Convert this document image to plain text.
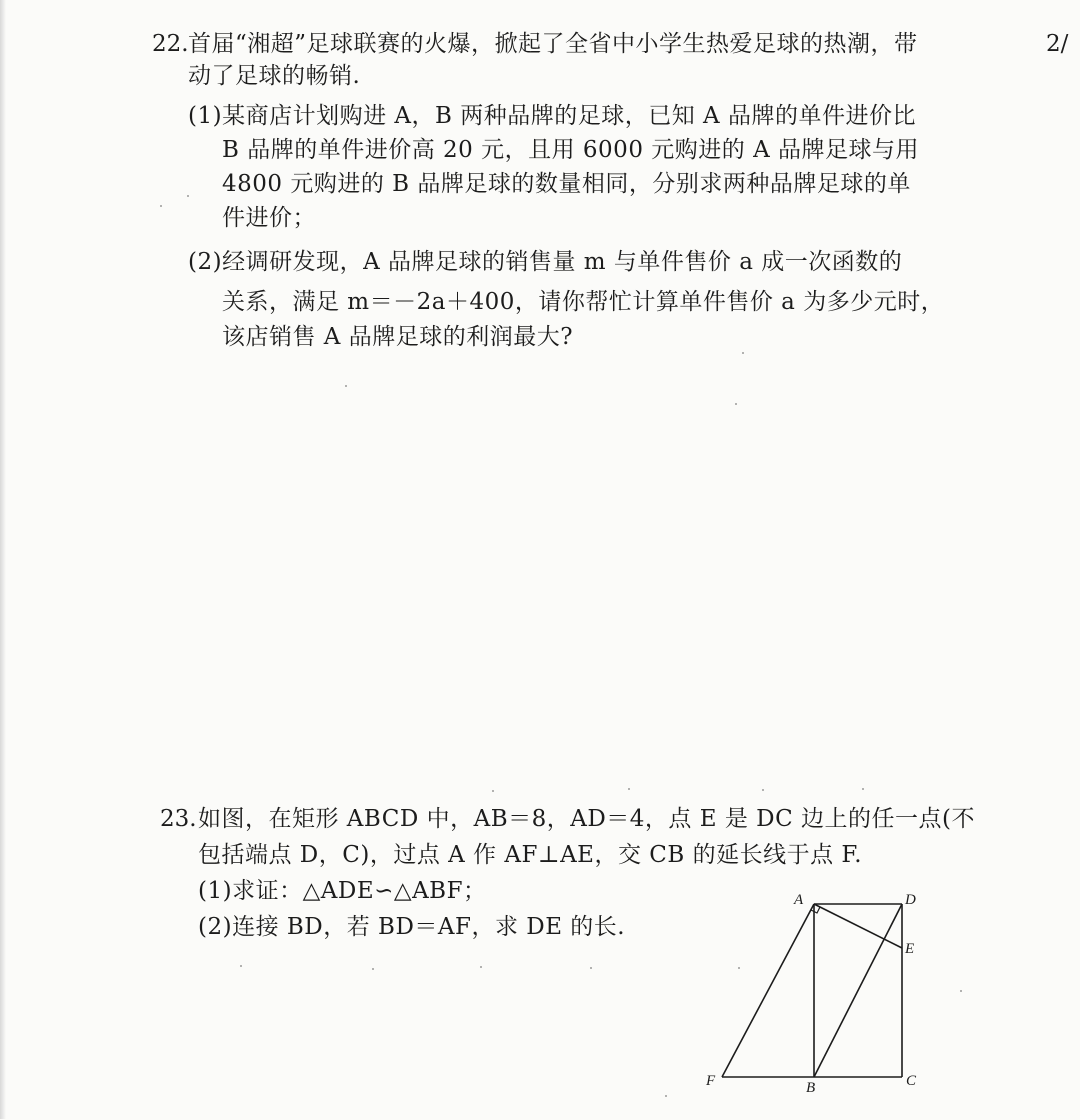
2/
22. 首届“湘超”足球联赛的火爆，掀起了全省中小学生热爱足球的热潮，带
动了足球的畅销.
(1)某商店计划购进 A，B 两种品牌的足球，已知 A 品牌的单件进价比
B 品牌的单件进价高 20 元，且用 6000 元购进的 A 品牌足球与用
4800 元购进的 B 品牌足球的数量相同，分别求两种品牌足球的单
件进价；
(2)经调研发现，A 品牌足球的销售量 m 与单件售价 a 成一次函数的
关系，满足 m＝－2a＋400，请你帮忙计算单件售价 a 为多少元时，
该店销售 A 品牌足球的利润最大?
23. 如图，在矩形 ABCD 中，AB＝8，AD＝4，点 E 是 DC 边上的任一点(不
包括端点 D，C)，过点 A 作 AF⊥AE，交 CB 的延长线于点 F.
(1)求证：△ADE∽△ABF；
(2)连接 BD，若 BD＝AF，求 DE 的长.
A	D
E
F	B	C
